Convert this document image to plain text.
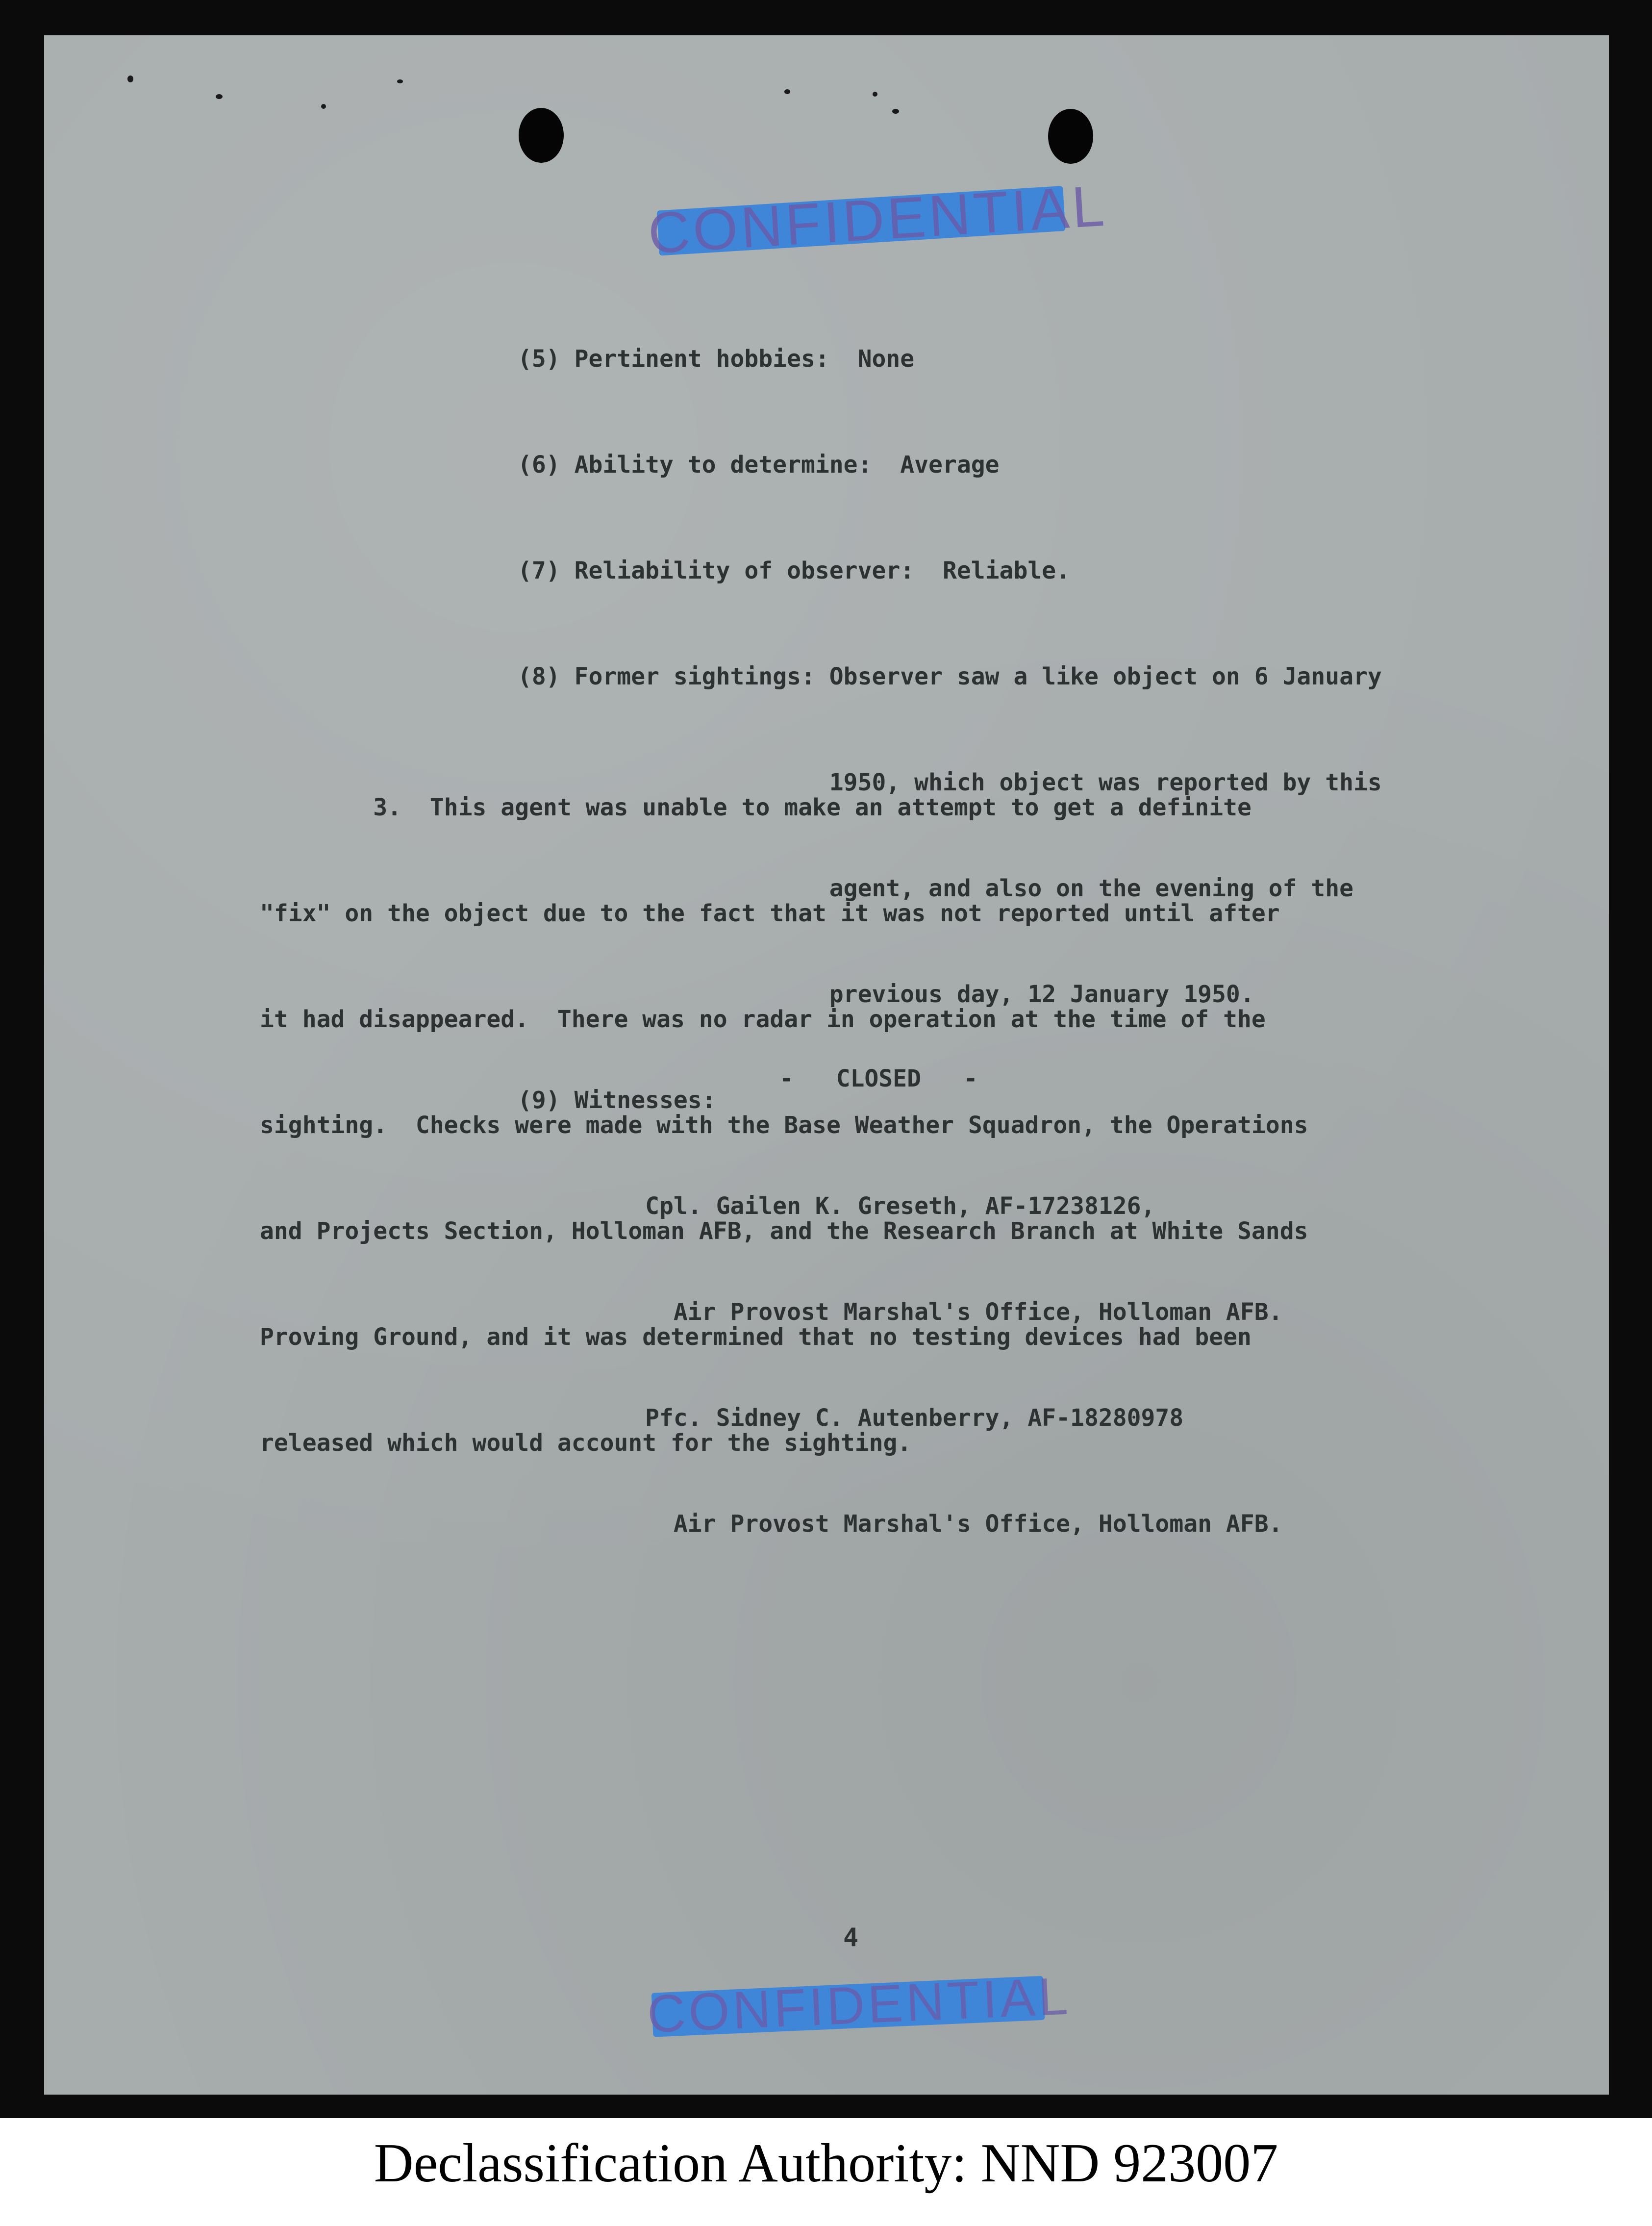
CONFIDENTIAL

(5) Pertinent hobbies:  None

(6) Ability to determine:  Average

(7) Reliability of observer:  Reliable.

(8) Former sightings: Observer saw a like object on 6 January

1950, which object was reported by this

agent, and also on the evening of the

previous day, 12 January 1950.

(9) Witnesses:

Cpl. Gailen K. Greseth, AF-17238126,

Air Provost Marshal's Office, Holloman AFB.

Pfc. Sidney C. Autenberry, AF-18280978

Air Provost Marshal's Office, Holloman AFB.

3.  This agent was unable to make an attempt to get a definite

"fix" on the object due to the fact that it was not reported until after

it had disappeared.  There was no radar in operation at the time of the

sighting.  Checks were made with the Base Weather Squadron, the Operations

and Projects Section, Holloman AFB, and the Research Branch at White Sands

Proving Ground, and it was determined that no testing devices had been

released which would account for the sighting.

-   CLOSED   -
4
CONFIDENTIAL
Declassification Authority: NND 923007
